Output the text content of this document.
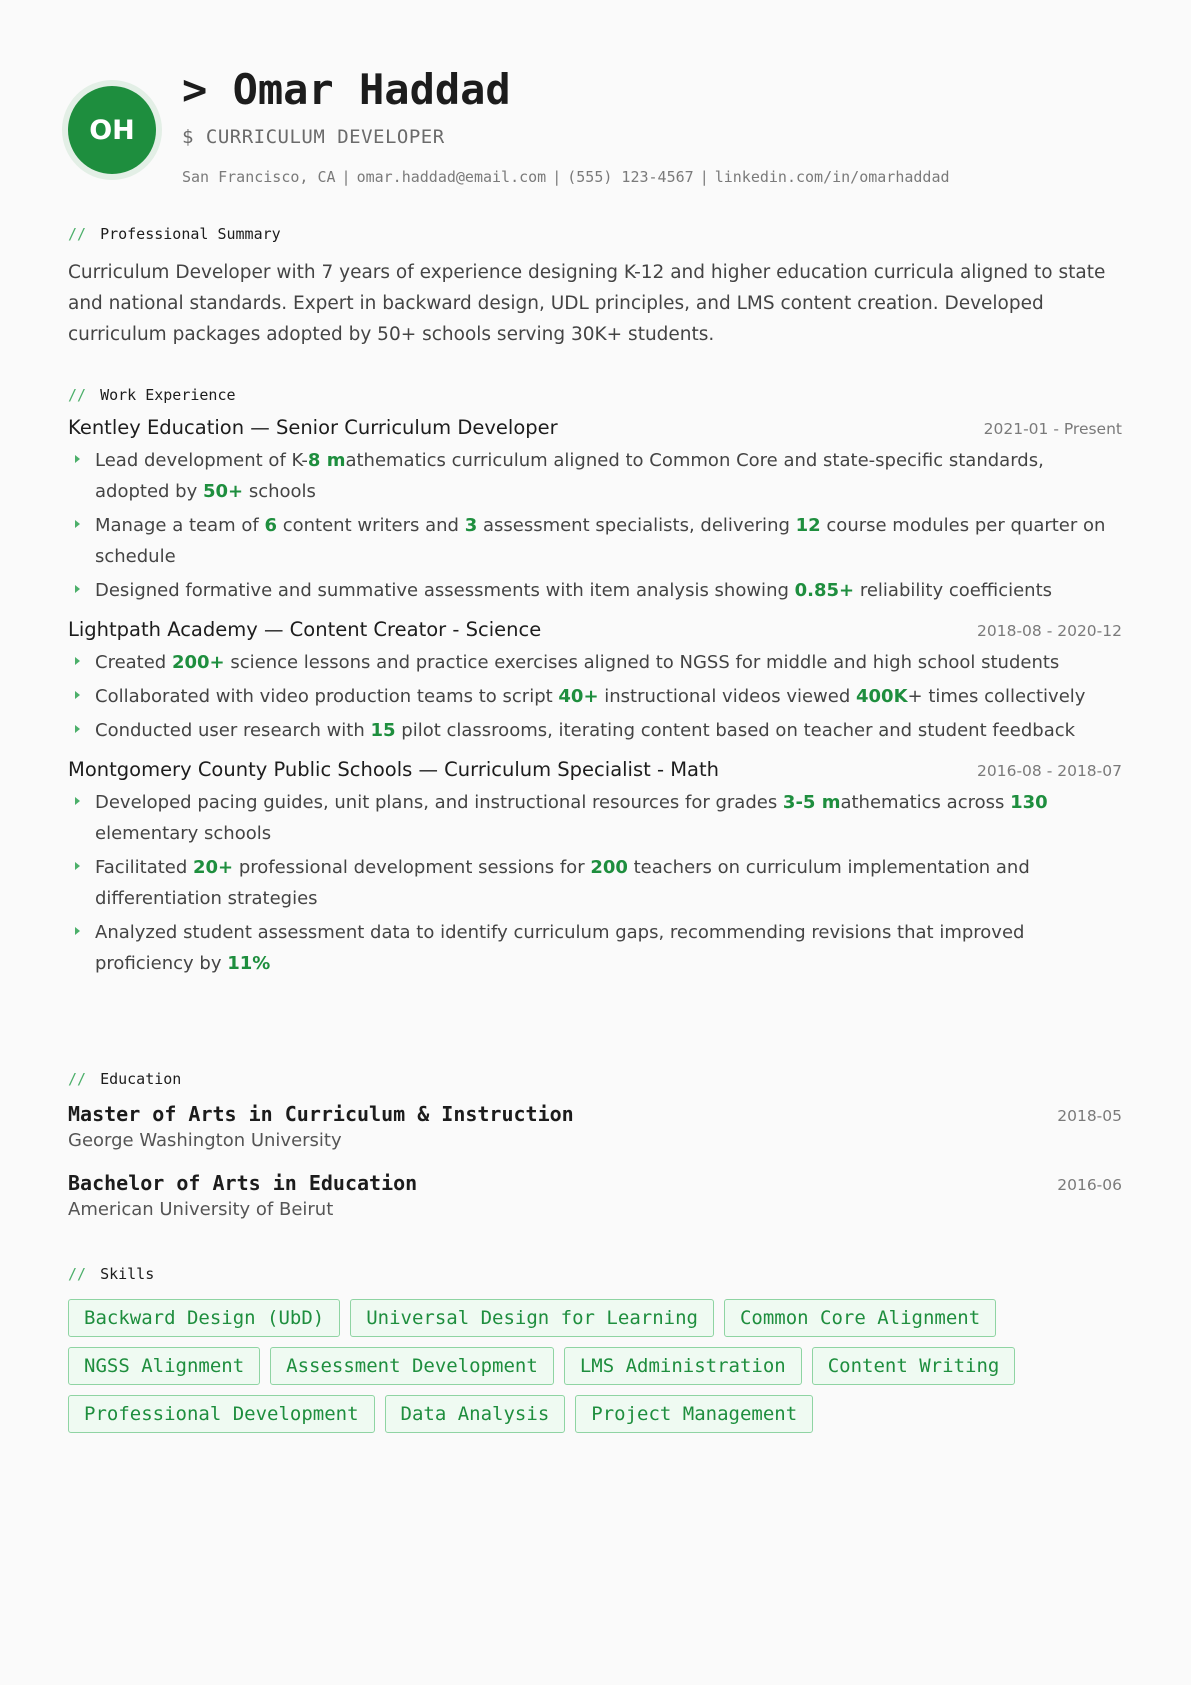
OH
> Omar Haddad
$ CURRICULUM DEVELOPER
San Francisco, CA | omar.haddad@email.com | (555) 123-4567 | linkedin.com/in/omarhaddad
// Professional Summary

Curriculum Developer with 7 years of experience designing K-12 and higher education curricula aligned to state and national standards. Expert in backward design, UDL principles, and LMS content creation. Developed curriculum packages adopted by 50+ schools serving 30K+ students.

// Work Experience
Kentley Education — Senior Curriculum Developer	2021-01 - Present
Lead development of K-8 mathematics curriculum aligned to Common Core and state-specific standards, adopted by 50+ schools
Manage a team of 6 content writers and 3 assessment specialists, delivering 12 course modules per quarter on schedule
Designed formative and summative assessments with item analysis showing 0.85+ reliability coefficients
Lightpath Academy — Content Creator - Science	2018-08 - 2020-12
Created 200+ science lessons and practice exercises aligned to NGSS for middle and high school students
Collaborated with video production teams to script 40+ instructional videos viewed 400K+ times collectively
Conducted user research with 15 pilot classrooms, iterating content based on teacher and student feedback
Montgomery County Public Schools — Curriculum Specialist - Math	2016-08 - 2018-07
Developed pacing guides, unit plans, and instructional resources for grades 3-5 mathematics across 130 elementary schools
Facilitated 20+ professional development sessions for 200 teachers on curriculum implementation and differentiation strategies
Analyzed student assessment data to identify curriculum gaps, recommending revisions that improved proficiency by 11%
// Education
Master of Arts in Curriculum & Instruction	2018-05
George Washington University
Bachelor of Arts in Education	2016-06
American University of Beirut
// Skills
Backward Design (UbD)	Universal Design for Learning	Common Core Alignment
NGSS Alignment	Assessment Development	LMS Administration	Content Writing
Professional Development	Data Analysis	Project Management
